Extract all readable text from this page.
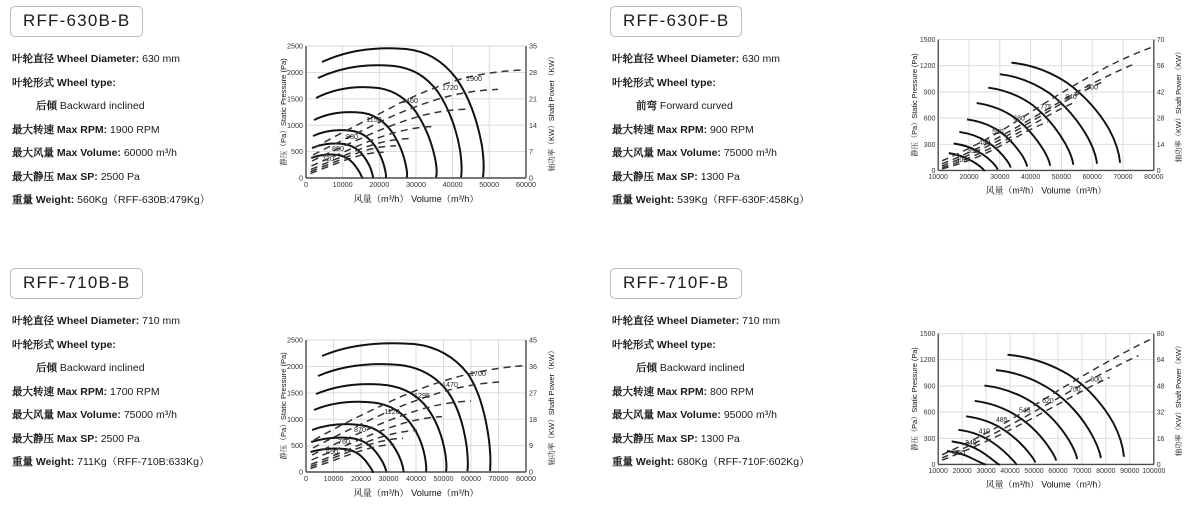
RFF-630B-B
叶轮直径 Wheel Diameter: 630 mm
叶轮形式 Wheel type:
后倾 Backward inclined
最大转速 Max RPM: 1900 RPM
最大风量 Max Volume: 60000 m³/h
最大静压 Max SP: 2500 Pa
重量 Weight: 560Kg（RFF-630B:479Kg）
1900
1720
1460
1150
980
850
720
2500
2000
1500
1000
500
0
35
28
21
14
7
0
0	10000	20000	30000	40000	50000	60000
风量（m³/h） Volume（m³/h）
静压（Pa）Static Pressure (Pa)	轴功率（KW）Shaft Power（KW）
RFF-630F-B
叶轮直径 Wheel Diameter: 630 mm
叶轮形式 Wheel type:
前弯 Forward curved
最大转速 Max RPM: 900 RPM
最大风量 Max Volume: 75000 m³/h
最大静压 Max SP: 1300 Pa
重量 Weight: 539Kg（RFF-630F:458Kg）
900
840
775
680
550
490
390
300
1500
1200
900
600
300
0
70
56
42
28
14
0
10000	20000	30000	40000	50000	60000	70000	80000
风量（m³/h） Volume（m³/h）
静压（Pa）Static Pressure (Pa)	轴功率（KW）Shaft Power（KW）
RFF-710B-B
叶轮直径 Wheel Diameter: 710 mm
叶轮形式 Wheel type:
后倾 Backward inclined
最大转速 Max RPM: 1700 RPM
最大风量 Max Volume: 75000 m³/h
最大静压 Max SP: 2500 Pa
重量 Weight: 711Kg（RFF-710B:633Kg）
1700
1470
1295
1120
870
760
650
2500
2000
1500
1000
500
0
45
36
27
18
9
0
0	10000 20000 30000 40000 50000 60000 70000 80000
风量（m³/h） Volume（m³/h）
静压（Pa）Static Pressure (Pa)	轴功率（KW）Shaft Power（KW）
RFF-710F-B
叶轮直径 Wheel Diameter: 710 mm
叶轮形式 Wheel type:
后倾 Backward inclined
最大转速 Max RPM: 800 RPM
最大风量 Max Volume: 95000 m³/h
最大静压 Max SP: 1300 Pa
重量 Weight: 680Kg（RFF-710F:602Kg）
800
700
620
545
485
410
340
260
1500
1200
900
600
300
0
80
64
48
32
16
0
10000 20000 30000 40000 50000 60000 70000 80000 90000 100000
风量（m³/h） Volume（m³/h）
静压（Pa）Static Pressure (Pa)	轴功率（KW）Shaft Power（KW）
